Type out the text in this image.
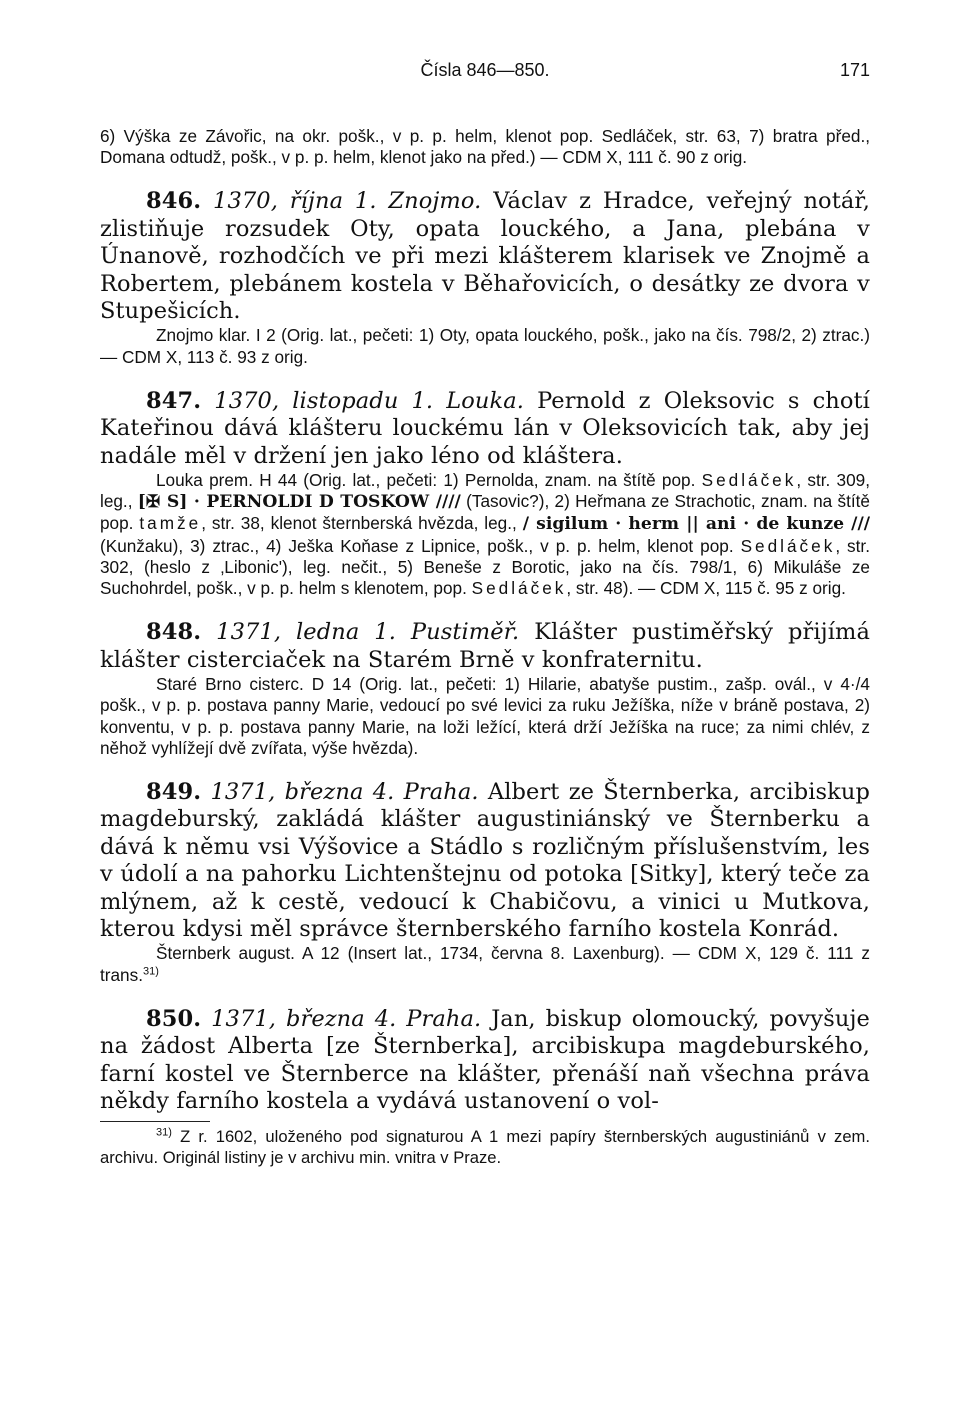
Čísla 846—850.	171

6) Výška ze Závořic, na okr. pošk., v p. p. helm, klenot pop. Sedláček, str. 63, 7) bratra před., Domana odtudž, pošk., v p. p. helm, klenot jako na před.) — CDM X, 111 č. 90 z orig.

846. 1370, října 1. Znojmo. Václav z Hradce, veřejný notář, zlistiňuje rozsudek Oty, opata louckého, a Jana, plebána v Únanově, rozhodčích ve při mezi klášterem klarisek ve Znojmě a Robertem, plebánem kostela v Běhařovicích, o desátky ze dvora v Stupešicích.

Znojmo klar. I 2 (Orig. lat., pečeti: 1) Oty, opata louckého, pošk., jako na čís. 798/2, 2) ztrac.) — CDM X, 113 č. 93 z orig.

847. 1370, listopadu 1. Louka. Pernold z Oleksovic s chotí Kateřinou dává klášteru louckému lán v Oleksovicích tak, aby jej nadále měl v držení jen jako léno od kláštera.

Louka prem. H 44 (Orig. lat., pečeti: 1) Pernolda, znam. na štítě pop. Sedláček, str. 309, leg., [✠ S] · PERNOLDI D TOSKOW //// (Tasovic?), 2) Heřmana ze Strachotic, znam. na štítě pop. tamže, str. 38, klenot šternberská hvězda, leg., / sigilum · herm || ani · de kunze /// (Kunžaku), 3) ztrac., 4) Ješka Koňase z Lipnice, pošk., v p. p. helm, klenot pop. Sedláček, str. 302, (heslo z ‚Libonic'), leg. nečit., 5) Beneše z Borotic, jako na čís. 798/1, 6) Mikuláše ze Suchohrdel, pošk., v p. p. helm s klenotem, pop. Sedláček, str. 48). — CDM X, 115 č. 95 z orig.

848. 1371, ledna 1. Pustiměř. Klášter pustiměřský přijímá klášter cisterciaček na Starém Brně v konfraternitu.

Staré Brno cisterc. D 14 (Orig. lat., pečeti: 1) Hilarie, abatyše pustim., zašp. ovál., v 4·/4 pošk., v p. p. postava panny Marie, vedoucí po své levici za ruku Ježíška, níže v bráně postava, 2) konventu, v p. p. postava panny Marie, na loži ležící, která drží Ježíška na ruce; za nimi chlév, z něhož vyhlížejí dvě zvířata, výše hvězda).

849. 1371, března 4. Praha. Albert ze Šternberka, arcibiskup magdeburský, zakládá klášter augustiniánský ve Šternberku a dává k němu vsi Výšovice a Stádlo s rozličným příslušenstvím, les v údolí a na pahorku Lichtenštejnu od potoka [Sitky], který teče za mlýnem, až k cestě, vedoucí k Chabičovu, a vinici u Mutkova, kterou kdysi měl správce šternberského farního kostela Konrád.

Šternberk august. A 12 (Insert lat., 1734, června 8. Laxenburg). — CDM X, 129 č. 111 z trans.$^{31)}$

850. 1371, března 4. Praha. Jan, biskup olomoucký, povyšuje na žádost Alberta [ze Šternberka], arcibiskupa magdeburského, farní kostel ve Šternberce na klášter, přenáší naň všechna práva někdy farního kostela a vydává ustanovení o vol-

$^{31)}$ Z r. 1602, uloženého pod signaturou A 1 mezi papíry šternberských augustiniánů v zem. archivu. Originál listiny je v archivu min. vnitra v Praze.
